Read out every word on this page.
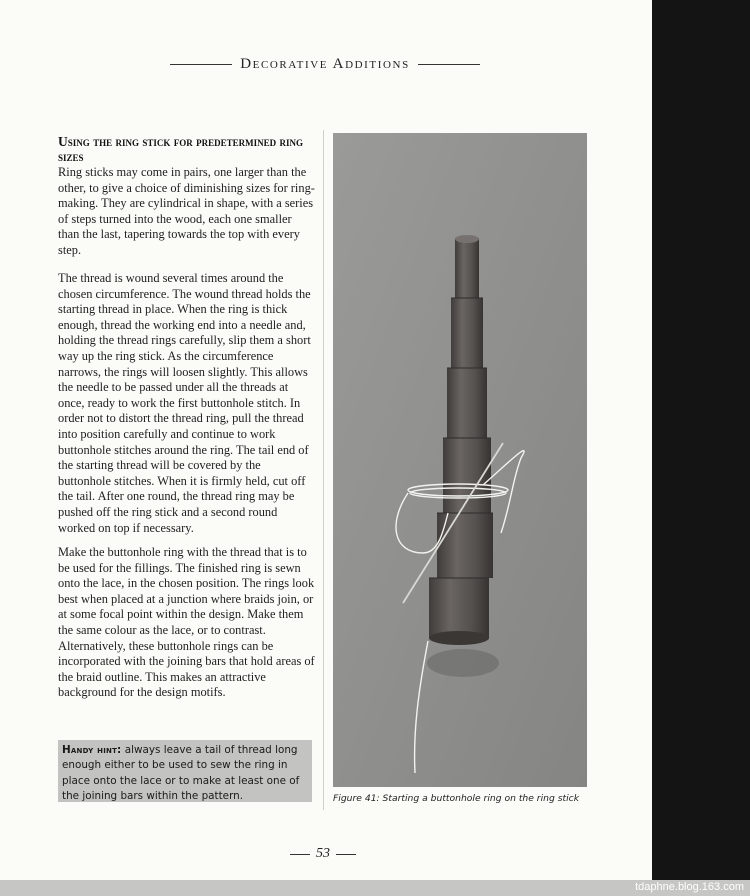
Decorative Additions
Using the ring stick for predetermined ring sizes
Ring sticks may come in pairs, one larger than the other, to give a choice of diminishing sizes for ring-making. They are cylindrical in shape, with a series of steps turned into the wood, each one smaller than the last, tapering towards the top with every step.
The thread is wound several times around the chosen circumference. The wound thread holds the starting thread in place. When the ring is thick enough, thread the working end into a needle and, holding the thread rings carefully, slip them a short way up the ring stick. As the circumference narrows, the rings will loosen slightly. This allows the needle to be passed under all the threads at once, ready to work the first buttonhole stitch. In order not to distort the thread ring, pull the thread into position carefully and continue to work buttonhole stitches around the ring. The tail end of the starting thread will be covered by the buttonhole stitches. When it is firmly held, cut off the tail. After one round, the thread ring may be pushed off the ring stick and a second round worked on top if necessary.
Make the buttonhole ring with the thread that is to be used for the fillings. The finished ring is sewn onto the lace, in the chosen position. The rings look best when placed at a junction where braids join, or at some focal point within the design. Make them the same colour as the lace, or to contrast. Alternatively, these buttonhole rings can be incorporated with the joining bars that hold areas of the braid outline. This makes an attractive background for the design motifs.
Handy hint: always leave a tail of thread long enough either to be used to sew the ring in place onto the lace or to make at least one of the joining bars within the pattern.	Figure 41: Starting a buttonhole ring on the ring stick
53
tdaphne.blog.163.com
